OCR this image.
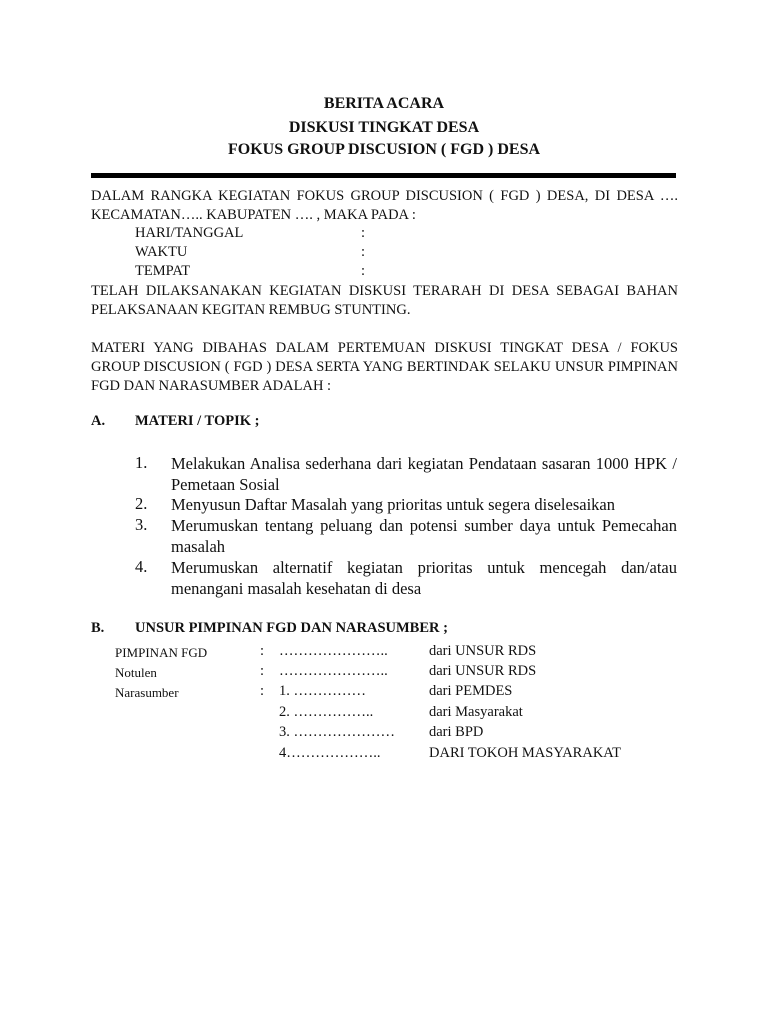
BERITA ACARA
DISKUSI TINGKAT DESA
FOKUS GROUP DISCUSION ( FGD ) DESA
DALAM RANGKA KEGIATAN FOKUS GROUP DISCUSION ( FGD ) DESA, DI DESA …. KECAMATAN….. KABUPATEN …. , MAKA PADA :
HARI/TANGGAL	:
WAKTU	:
TEMPAT	:
TELAH DILAKSANAKAN KEGIATAN DISKUSI TERARAH DI DESA SEBAGAI BAHAN PELAKSANAAN KEGITAN REMBUG STUNTING.
MATERI YANG DIBAHAS DALAM PERTEMUAN DISKUSI TINGKAT DESA / FOKUS GROUP DISCUSION ( FGD ) DESA SERTA YANG BERTINDAK SELAKU UNSUR PIMPINAN FGD DAN NARASUMBER ADALAH :
A. MATERI / TOPIK ;
1. Melakukan Analisa sederhana dari kegiatan Pendataan sasaran 1000 HPK / Pemetaan Sosial
2. Menyusun Daftar Masalah yang prioritas untuk segera diselesaikan
3. Merumuskan tentang peluang dan potensi sumber daya untuk Pemecahan masalah
4. Merumuskan alternatif kegiatan prioritas untuk mencegah dan/atau menangani masalah kesehatan di desa
B. UNSUR PIMPINAN FGD DAN NARASUMBER ;
PIMPINAN FGD	: …………………..	dari UNSUR RDS
Notulen	: …………………..	dari UNSUR RDS
Narasumber	: 1. ……………	dari PEMDES
2. ……………..	dari Masyarakat
3. ………………… dari BPD
4………………..	DARI TOKOH MASYARAKAT
